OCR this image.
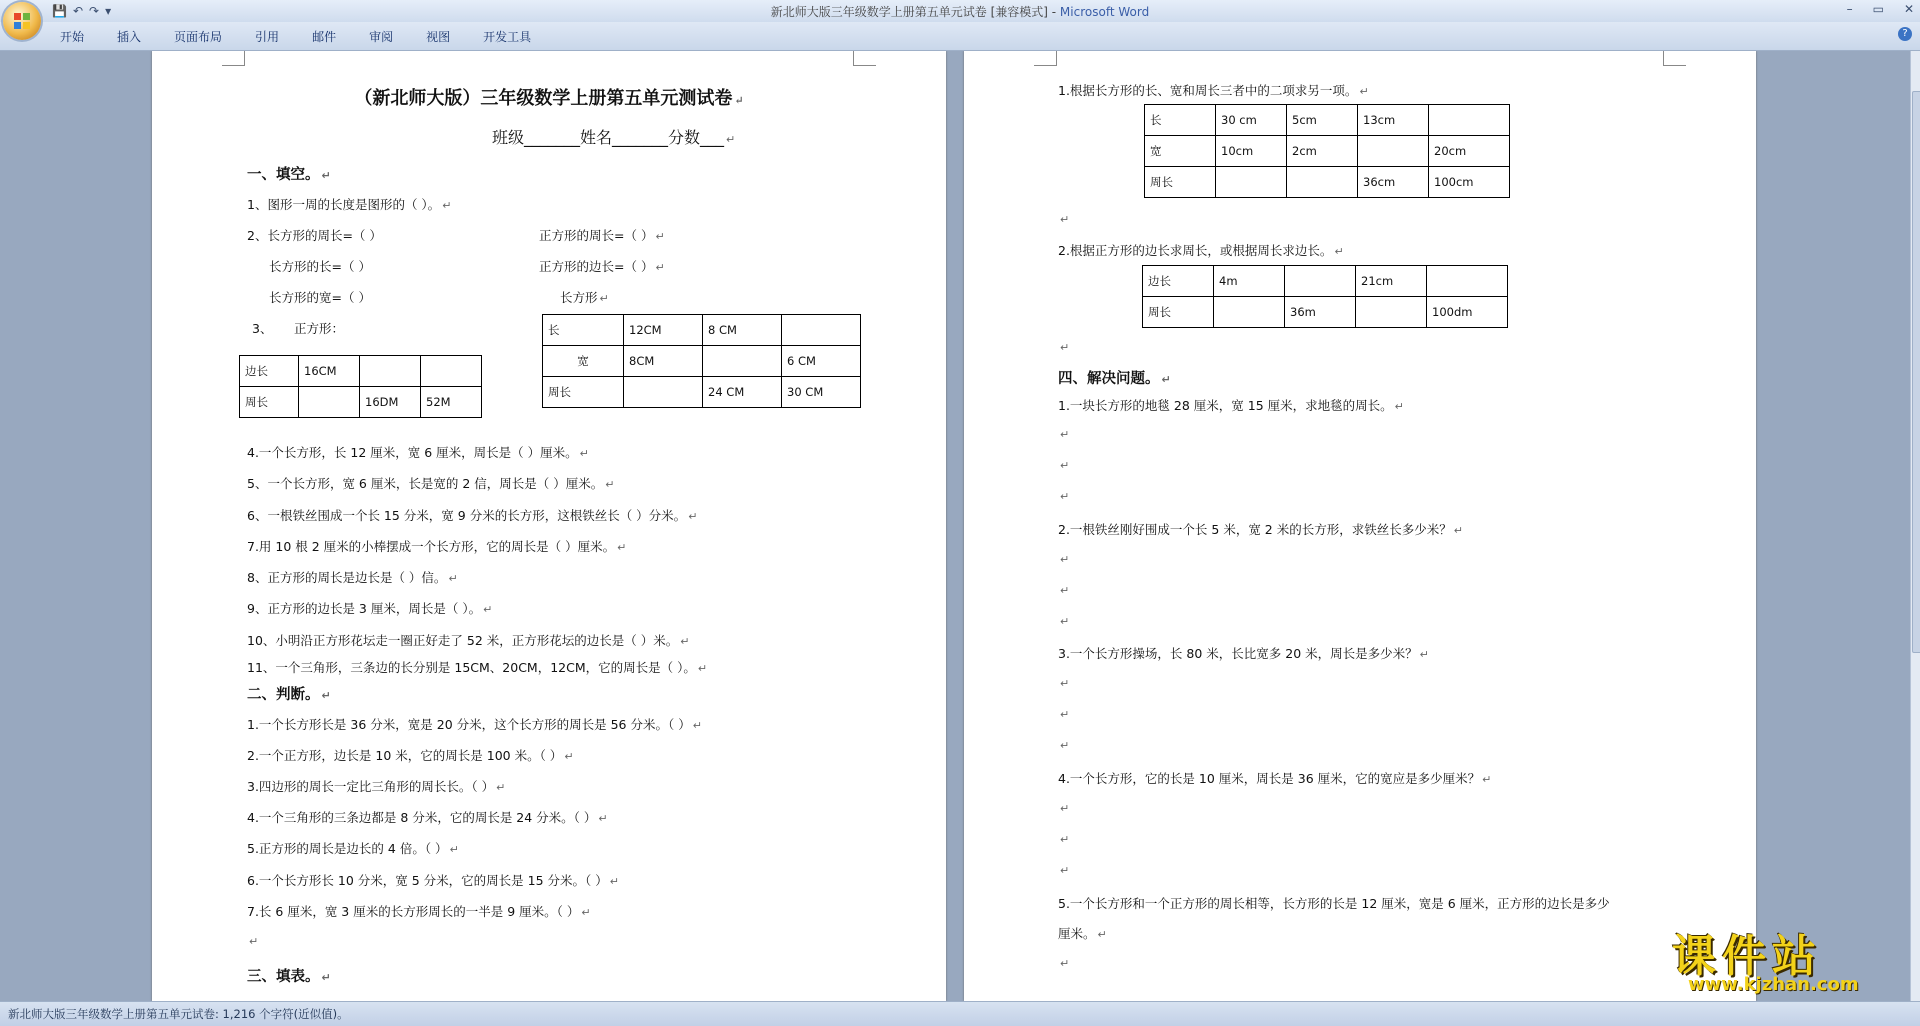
💾 ↶ ↷ ▾	新北师大版三年级数学上册第五单元试卷 [兼容模式] - Microsoft Word	– ▭ ✕
开始	插入	页面布局	引用	邮件	审阅	视图	开发工具	?
（新北师大版）三年级数学上册第五单元测试卷 ↵
班级_______姓名_______分数___ ↵
一、填空。 ↵
1、图形一周的长度是图形的（ ）。 ↵
2、长方形的周长=（ ）	正方形的周长=（ ） ↵
长方形的长=（ ）	正方形的边长=（ ） ↵
长方形的宽=（ ）	长方形 ↵
3、 正方形：
边长	16CM		
周长		16DM	52M
长	12CM	8 CM	
宽	8CM		6 CM
周长		24 CM	30 CM
4.一个长方形，长 12 厘米，宽 6 厘米，周长是（ ）厘米。 ↵
5、一个长方形，宽 6 厘米，长是宽的 2 信，周长是（ ）厘米。 ↵
6、一根铁丝围成一个长 15 分米，宽 9 分米的长方形，这根铁丝长（ ）分米。 ↵
7.用 10 根 2 厘米的小棒摆成一个长方形，它的周长是（ ）厘米。 ↵
8、正方形的周长是边长是（ ）信。 ↵
9、正方形的边长是 3 厘米，周长是（ ）。 ↵
10、小明沿正方形花坛走一圈正好走了 52 米，正方形花坛的边长是（ ）米。 ↵
11、一个三角形，三条边的长分别是 15CM、20CM，12CM，它的周长是（ ）。 ↵
二、判断。 ↵
1.一个长方形长是 36 分米，宽是 20 分米，这个长方形的周长是 56 分米。（ ） ↵
2.一个正方形，边长是 10 米，它的周长是 100 米。（ ） ↵
3.四边形的周长一定比三角形的周长长。（ ） ↵
4.一个三角形的三条边都是 8 分米，它的周长是 24 分米。（ ） ↵
5.正方形的周长是边长的 4 倍。（ ） ↵
6.一个长方形长 10 分米，宽 5 分米，它的周长是 15 分米。（ ） ↵
7.长 6 厘米，宽 3 厘米的长方形周长的一半是 9 厘米。（ ） ↵
↵
三、填表。 ↵
1.根据长方形的长、宽和周长三者中的二项求另一项。 ↵
长	30 cm	5cm	13cm	
宽	10cm	2cm		20cm
周长			36cm	100cm
↵
2.根据正方形的边长求周长，或根据周长求边长。 ↵
边长	4m		21cm	
周长		36m		100dm
↵
四、解决问题。 ↵
1.一块长方形的地毯 28 厘米，宽 15 厘米，求地毯的周长。 ↵
↵
↵
↵
2.一根铁丝刚好围成一个长 5 米，宽 2 米的长方形，求铁丝长多少米？ ↵
↵
↵
↵
3.一个长方形操场，长 80 米，长比宽多 20 米，周长是多少米？ ↵
↵
↵
↵
4.一个长方形，它的长是 10 厘米，周长是 36 厘米，它的宽应是多少厘米？ ↵
↵
↵
↵
5.一个长方形和一个正方形的周长相等，长方形的长是 12 厘米，宽是 6 厘米，正方形的边长是多少
厘米。 ↵
↵
新北师大版三年级数学上册第五单元试卷: 1,216 个字符(近似值)。
课件站
www.kjzhan.com
